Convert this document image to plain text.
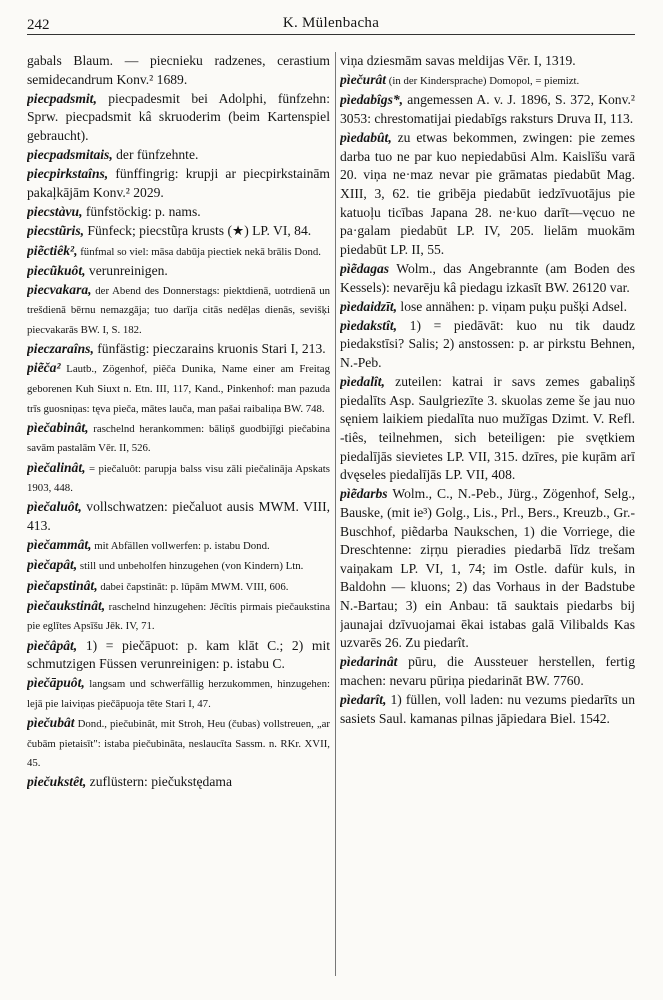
242	K. Mülenbacha

gabals Blaum. — piecnieku radzenes, cerastium semidecandrum Konv.² 1689.

piecpadsmit, piecpadesmit bei Adolphi, fünfzehn: Sprw. piecpadsmit kâ skruoderim (beim Kartenspiel gebraucht).

piecpadsmitais, der fünfzehnte.

piecpirkstaîns, fünffingrig: krupji ar piecpirkstainām pakaļkājām Konv.² 2029.

piecstàvu, fünfstöckig: p. nams.

piecstũris, Fünfeck; piecstũŗa krusts (★) LP. VI, 84.

piẽctiêk², fünfmal so viel: māsa dabūja piectiek nekā brālis Dond.

piecũkuôt, verunreinigen.

piecvakara, der Abend des Donnerstags: piektdienā, uotrdienā un trešdienā bērnu nemazgāja; tuo darīja citās nedēļas dienās, sevišķi piecvakarās BW. I, S. 182.

pieczaraîns, fünfästig: pieczarains kruonis Stari I, 213.

piẽča² Lautb., Zögenhof, piẽča Dunika, Name einer am Freitag geborenen Kuh Siuxt n. Etn. III, 117, Kand., Pinkenhof: man pazuda trīs guosniņas: tęva pieča, mātes lauča, man pašai raibaliņa BW. 748.

pìečabinât, raschelnd herankommen: bāliņš guodbijīgi piečabina savām pastalām Vēr. II, 526.

pìečalinât, = piečaluôt: parupja balss visu zāli piečalināja Apskats 1903, 448.

pìečaluôt, vollschwatzen: piečaluot ausis MWM. VIII, 413.

pìečammât, mit Abfällen vollwerfen: p. istabu Dond.

pìečapât, still und unbeholfen hinzugehen (von Kindern) Ltn.

pìečapstinât, dabei čapstināt: p. lūpām MWM. VIII, 606.

pìečaukstinât, raschelnd hinzugehen: Jēcītis pirmais piečaukstina pie eglītes Apsīšu Jēk. IV, 71.

pìečâpât, 1) = piečāpuot: p. kam klāt C.; 2) mit schmutzigen Füssen verunreinigen: p. istabu C.

pìečāpuôt, langsam und schwerfällig herzukommen, hinzugehen: lejā pie laiviņas piečāpuoja tēte Stari I, 47.

pìečubât Dond., piečubinât, mit Stroh, Heu (čubas) vollstreuen, „ar čubām pietaisīt": istaba piečubināta, neslaucīta Sassm. n. RKr. XVII, 45.

piečukstêt, zuflüstern: piečukstędama

viņa dziesmām savas meldijas Vēr. I, 1319.

pìečurât (in der Kindersprache) Domopol, = piemizt.

pìedabîgs*, angemessen A. v. J. 1896, S. 372, Konv.² 3053: chrestomatijai piedabīgs raksturs Druva II, 113.

pìedabût, zu etwas bekommen, zwingen: pie zemes darba tuo ne par kuo nepiedabūsi Alm. Kaislīšu varā 20. viņa ne·maz nevar pie grāmatas piedabūt Mag. XIII, 3, 62. tie gribēja piedabūt iedzīvuotājus pie katuoļu ticības Japana 28. ne·kuo darīt—vęcuo ne pa·galam piedabūt LP. IV, 205. lielām muokām piedabūt LP. II, 55.

pìẽdagas Wolm., das Angebrannte (am Boden des Kessels): nevarēju kâ piedagu izkasīt BW. 26120 var.

pìedaidzīt, lose annähen: p. viņam puķu pušķi Adsel.

pìedakstît, 1) = piedāvāt: kuo nu tik daudz piedakstīsi? Salis; 2) anstossen: p. ar pirkstu Behnen, N.-Peb.

pìedalît, zuteilen: katrai ir savs zemes gabaliņš piedalīts Asp. Saulgriezīte 3. skuolas zeme še jau nuo sęniem laikiem piedalīta nuo mužīgas Dzimt. V. Refl. -tiês, teilnehmen, sich beteiligen: pie svętkiem piedalījās sievietes LP. VII, 315. dzīres, pie kuŗām arī dvęseles piedalījās LP. VII, 408.

pìẽdarbs Wolm., C., N.-Peb., Jürg., Zögenhof, Selg., Bauske, (mit ie³) Golg., Lis., Prl., Bers., Kreuzb., Gr.-Buschhof, piẽdarba Naukschen, 1) die Vorriege, die Dreschtenne: ziŗņu pieradies piedarbā līdz trešam vaiņakam LP. VI, 1, 74; im Ostle. dafür kuls, in Baldohn — kluons; 2) das Vorhaus in der Badstube N.-Bartau; 3) ein Anbau: tā sauktais piedarbs bij jaunajai dzīvuojamai ēkai istabas galā Vilibalds Kas uzvarēs 26. Zu piedarît.

pìedarinât pūru, die Aussteuer herstellen, fertig machen: nevaru pūriņa piedarināt BW. 7760.

pìedarît, 1) füllen, voll laden: nu vezums piedarīts un sasiets Saul. kamanas pilnas jāpiedara Biel. 1542.
